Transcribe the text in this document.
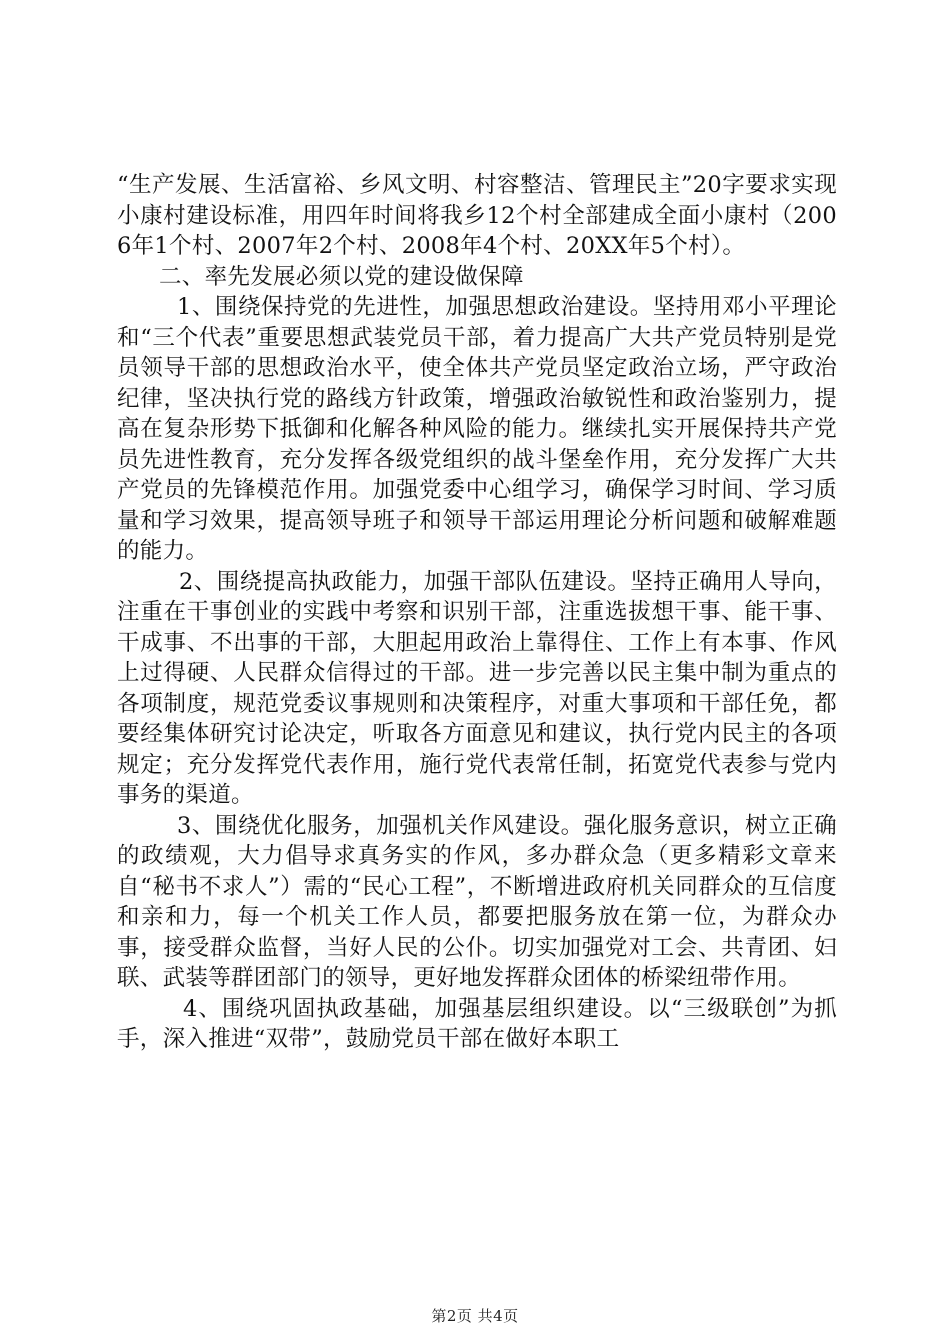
“生产发展、生活富裕、乡风文明、村容整洁、管理民主”20字要求实现小康村建设标准，用四年时间将我乡12个村全部建成全面小康村（2006年1个村、2007年2个村、2008年4个村、20XX年5个村）。

二、率先发展必须以党的建设做保障

1、围绕保持党的先进性，加强思想政治建设。坚持用邓小平理论和“三个代表”重要思想武装党员干部，着力提高广大共产党员特别是党员领导干部的思想政治水平，使全体共产党员坚定政治立场，严守政治纪律，坚决执行党的路线方针政策，增强政治敏锐性和政治鉴别力，提高在复杂形势下抵御和化解各种风险的能力。继续扎实开展保持共产党员先进性教育，充分发挥各级党组织的战斗堡垒作用，充分发挥广大共产党员的先锋模范作用。加强党委中心组学习，确保学习时间、学习质量和学习效果，提高领导班子和领导干部运用理论分析问题和破解难题的能力。

2、围绕提高执政能力，加强干部队伍建设。坚持正确用人导向，注重在干事创业的实践中考察和识别干部，注重选拔想干事、能干事、干成事、不出事的干部，大胆起用政治上靠得住、工作上有本事、作风上过得硬、人民群众信得过的干部。进一步完善以民主集中制为重点的各项制度，规范党委议事规则和决策程序，对重大事项和干部任免，都要经集体研究讨论决定，听取各方面意见和建议，执行党内民主的各项规定；充分发挥党代表作用，施行党代表常任制，拓宽党代表参与党内事务的渠道。

3、围绕优化服务，加强机关作风建设。强化服务意识，树立正确的政绩观，大力倡导求真务实的作风，多办群众急（更多精彩文章来自“秘书不求人”）需的“民心工程”，不断增进政府机关同群众的互信度和亲和力，每一个机关工作人员，都要把服务放在第一位，为群众办事，接受群众监督，当好人民的公仆。切实加强党对工会、共青团、妇联、武装等群团部门的领导，更好地发挥群众团体的桥梁纽带作用。

4、围绕巩固执政基础，加强基层组织建设。以“三级联创”为抓手，深入推进“双带”，鼓励党员干部在做好本职工

第2页 共4页
